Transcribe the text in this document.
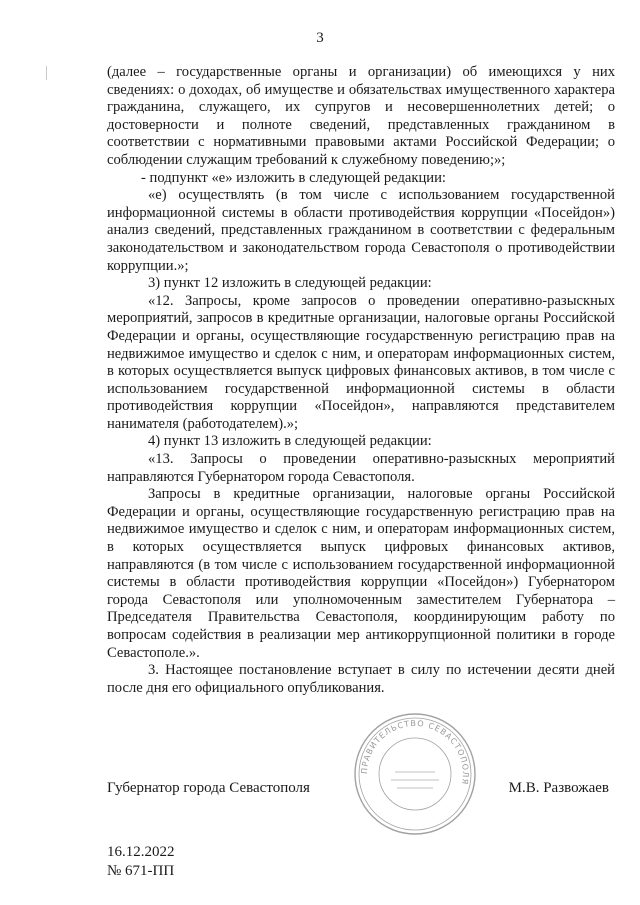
3

(далее – государственные органы и организации) об имеющихся у них сведениях: о доходах, об имуществе и обязательствах имущественного характера гражданина, служащего, их супругов и несовершеннолетних детей; о достоверности и полноте сведений, представленных гражданином в соответствии с нормативными правовыми актами Российской Федерации; о соблюдении служащим требований к служебному поведению;»;

- подпункт «е» изложить в следующей редакции:

«е) осуществлять (в том числе с использованием государственной информационной системы в области противодействия коррупции «Посейдон») анализ сведений, представленных гражданином в соответствии с федеральным законодательством и законодательством города Севастополя о противодействии коррупции.»;

3) пункт 12 изложить в следующей редакции:

«12. Запросы, кроме запросов о проведении оперативно-разыскных мероприятий, запросов в кредитные организации, налоговые органы Российской Федерации и органы, осуществляющие государственную регистрацию прав на недвижимое имущество и сделок с ним, и операторам информационных систем, в которых осуществляется выпуск цифровых финансовых активов, в том числе с использованием государственной информационной системы в области противодействия коррупции «Посейдон», направляются представителем нанимателя (работодателем).»;

4) пункт 13 изложить в следующей редакции:

«13. Запросы о проведении оперативно-разыскных мероприятий направляются Губернатором города Севастополя.

Запросы в кредитные организации, налоговые органы Российской Федерации и органы, осуществляющие государственную регистрацию прав на недвижимое имущество и сделок с ним, и операторам информационных систем, в которых осуществляется выпуск цифровых финансовых активов, направляются (в том числе с использованием государственной информационной системы в области противодействия коррупции «Посейдон») Губернатором города Севастополя или уполномоченным заместителем Губернатора – Председателя Правительства Севастополя, координирующим работу по вопросам содействия в реализации мер антикоррупционной политики в городе Севастополе.».

3. Настоящее постановление вступает в силу по истечении десяти дней после дня его официального опубликования.

Губернатор города Севастополя
ПРАВИТЕЛЬСТВО СЕВАСТОПОЛЯ	М.В. Развожаев
16.12.2022
№ 671-ПП
